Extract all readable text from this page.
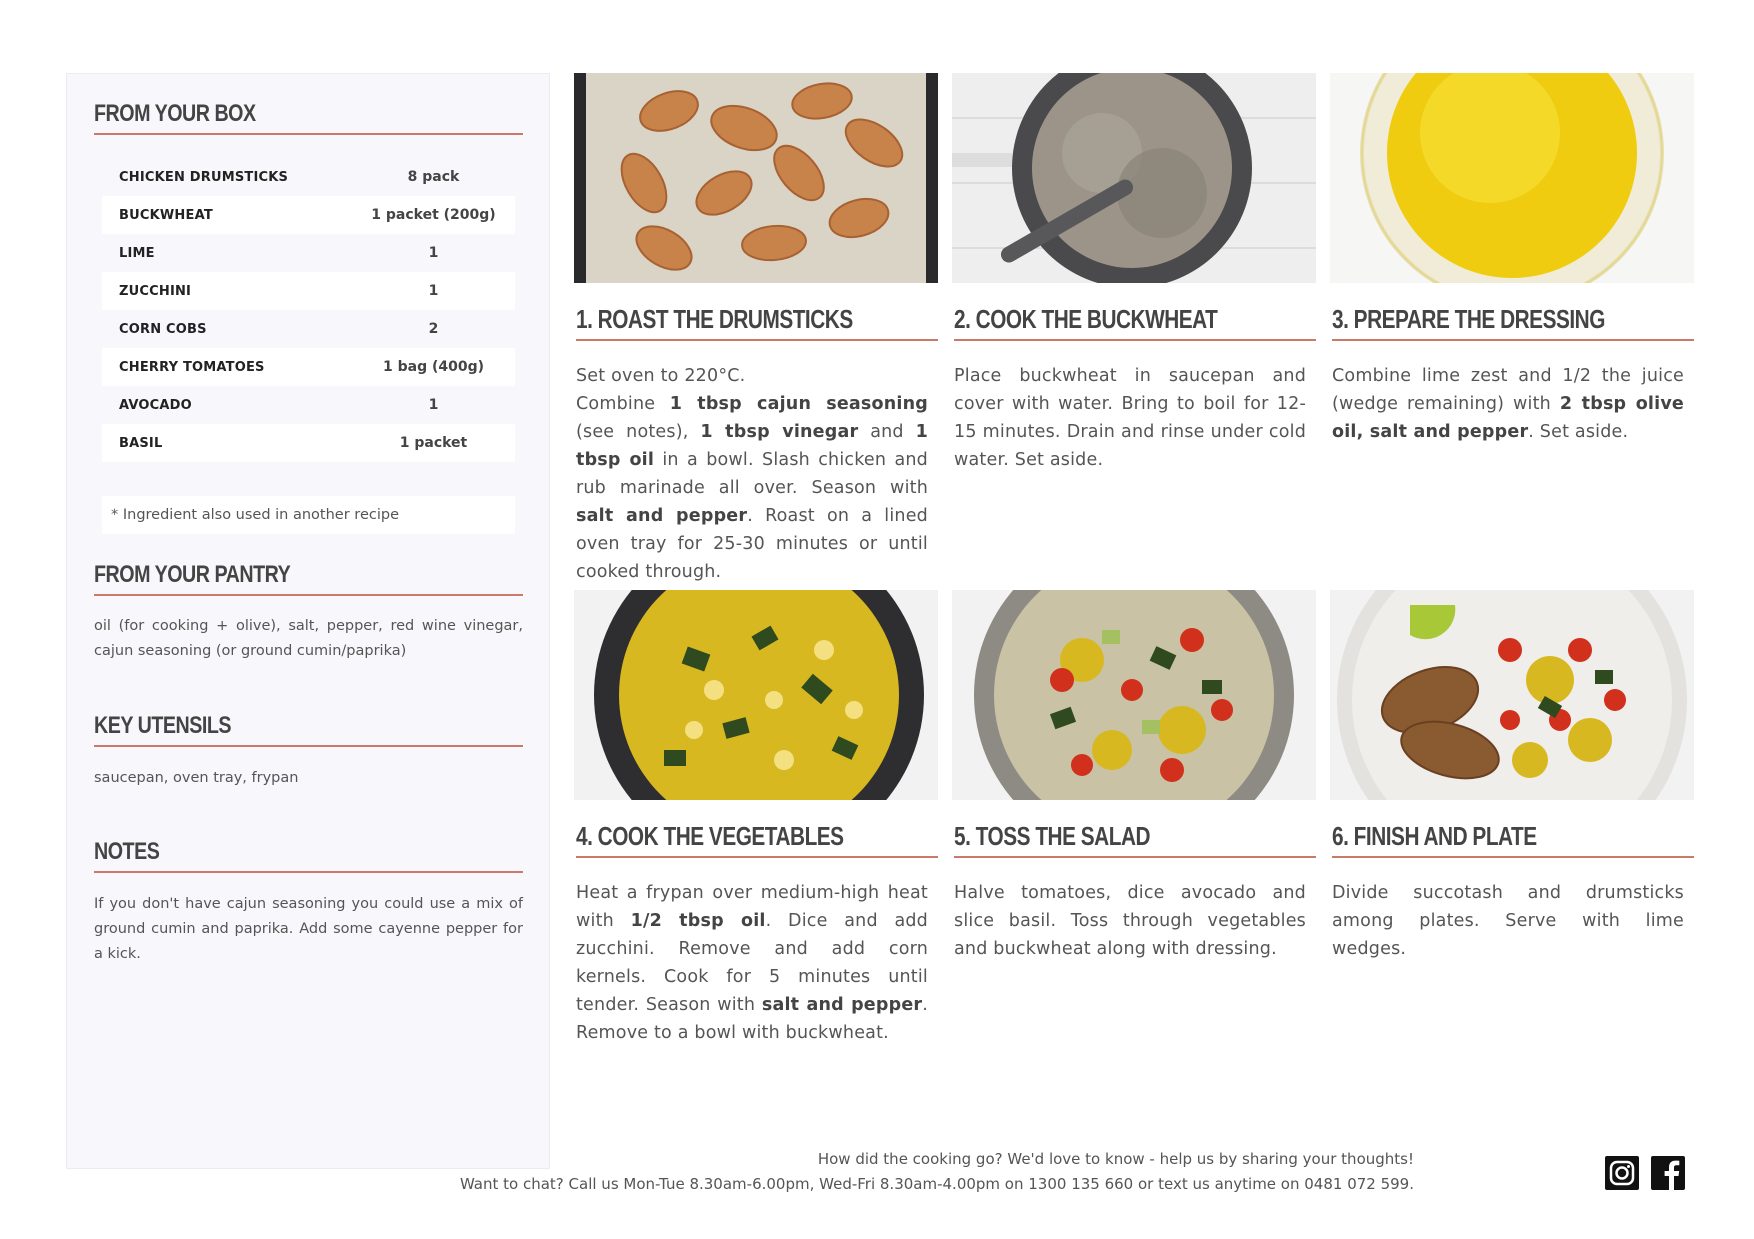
FROM YOUR BOX
CHICKEN DRUMSTICKS	8 pack
BUCKWHEAT	1 packet (200g)
LIME	1
ZUCCHINI	1
CORN COBS	2
CHERRY TOMATOES	1 bag (400g)
AVOCADO	1
BASIL	1 packet
* Ingredient also used in another recipe
FROM YOUR PANTRY
oil (for cooking + olive), salt, pepper, red wine vinegar, cajun seasoning (or ground cumin/paprika)
KEY UTENSILS
saucepan, oven tray, frypan
NOTES
If you don't have cajun seasoning you could use a mix of ground cumin and paprika. Add some cayenne pepper for a kick.
1. ROAST THE DRUMSTICKS
Set oven to 220°C.
Combine 1 tbsp cajun seasoning (see notes), 1 tbsp vinegar and 1 tbsp oil in a bowl. Slash chicken and rub marinade all over. Season with salt and pepper. Roast on a lined oven tray for 25-30 minutes or until cooked through.
2. COOK THE BUCKWHEAT
Place buckwheat in saucepan and cover with water. Bring to boil for 12-15 minutes. Drain and rinse under cold water. Set aside.
3. PREPARE THE DRESSING
Combine lime zest and 1/2 the juice (wedge remaining) with 2 tbsp olive oil, salt and pepper. Set aside.
4. COOK THE VEGETABLES
Heat a frypan over medium-high heat with 1/2 tbsp oil. Dice and add zucchini. Remove and add corn kernels. Cook for 5 minutes until tender. Season with salt and pepper. Remove to a bowl with buckwheat.
5. TOSS THE SALAD
Halve tomatoes, dice avocado and slice basil. Toss through vegetables and buckwheat along with dressing.
6. FINISH AND PLATE
Divide succotash and drumsticks among plates. Serve with lime wedges.
How did the cooking go? We'd love to know - help us by sharing your thoughts!
Want to chat? Call us Mon-Tue 8.30am-6.00pm, Wed-Fri 8.30am-4.00pm on 1300 135 660 or text us anytime on 0481 072 599.
